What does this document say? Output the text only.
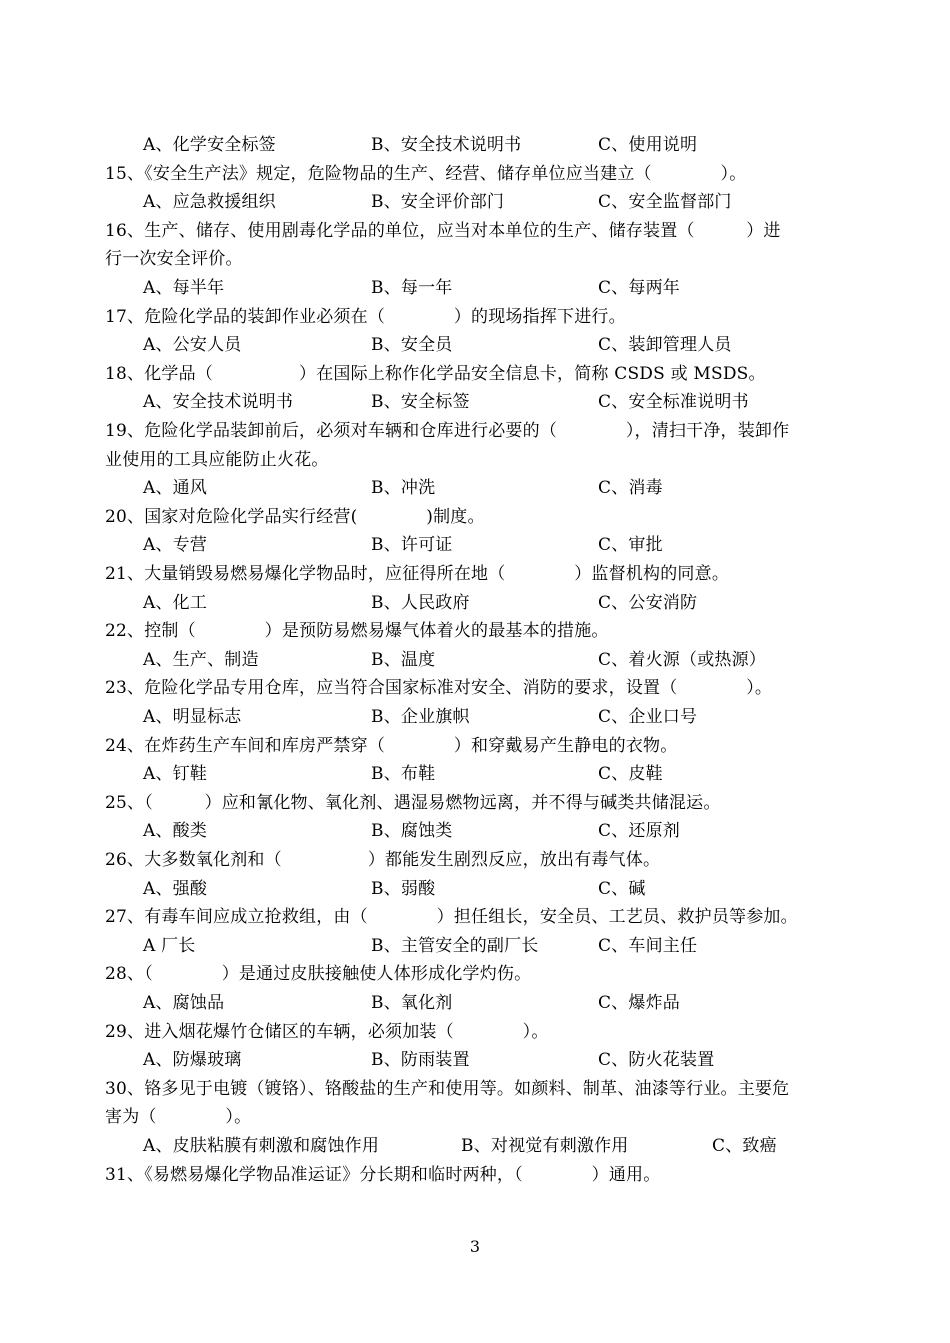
A、化学安全标签	B、安全技术说明书	C、使用说明
15、《安全生产法》规定，危险物品的生产、经营、储存单位应当建立（　　　　）。
A、应急救援组织	B、安全评价部门	C、安全监督部门
16、生产、储存、使用剧毒化学品的单位，应当对本单位的生产、储存装置（　　　）进
行一次安全评价。
A、每半年	B、每一年	C、每两年
17、危险化学品的装卸作业必须在（　　　　）的现场指挥下进行。
A、公安人员	B、安全员	C、装卸管理人员
18、化学品（　　　　　）在国际上称作化学品安全信息卡，简称 CSDS 或 MSDS。
A、安全技术说明书	B、安全标签	C、安全标准说明书
19、危险化学品装卸前后，必须对车辆和仓库进行必要的（　　　　），清扫干净，装卸作
业使用的工具应能防止火花。
A、通风	B、冲洗	C、消毒
20、国家对危险化学品实行经营(　　　　)制度。
A、专营	B、许可证	C、审批
21、大量销毁易燃易爆化学物品时，应征得所在地（　　　　）监督机构的同意。
A、化工	B、人民政府	C、公安消防
22、控制（　　　　）是预防易燃易爆气体着火的最基本的措施。
A、生产、制造	B、温度	C、着火源（或热源）
23、危险化学品专用仓库，应当符合国家标准对安全、消防的要求，设置（　　　　）。
A、明显标志	B、企业旗帜	C、企业口号
24、在炸药生产车间和库房严禁穿（　　　　）和穿戴易产生静电的衣物。
A、钉鞋	B、布鞋	C、皮鞋
25、（　　　）应和氰化物、氧化剂、遇湿易燃物远离，并不得与碱类共储混运。
A、酸类	B、腐蚀类	C、还原剂
26、大多数氧化剂和（　　　　　）都能发生剧烈反应，放出有毒气体。
A、强酸	B、弱酸	C、碱
27、有毒车间应成立抢救组，由（　　　　）担任组长，安全员、工艺员、救护员等参加。
A 厂长	B、主管安全的副厂长	C、车间主任
28、（　　　　）是通过皮肤接触使人体形成化学灼伤。
A、腐蚀品	B、氧化剂	C、爆炸品
29、进入烟花爆竹仓储区的车辆，必须加装（　　　　）。
A、防爆玻璃	B、防雨装置	C、防火花装置
30、铬多见于电镀（镀铬）、铬酸盐的生产和使用等。如颜料、制革、油漆等行业。主要危
害为（　　　　）。
A、皮肤粘膜有刺激和腐蚀作用	B、对视觉有刺激作用	C、致癌
31、《易燃易爆化学物品准运证》分长期和临时两种，（　　　　）通用。
3
